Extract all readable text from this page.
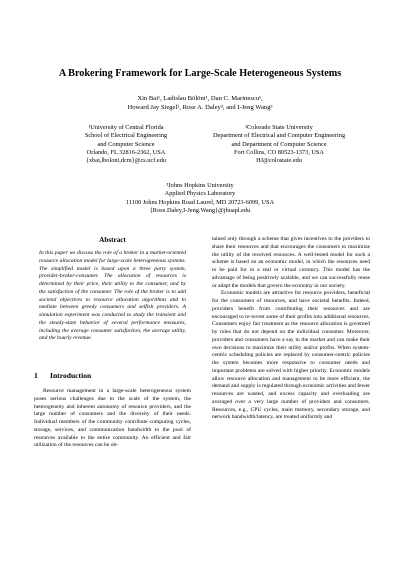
A Brokering Framework for Large-Scale Heterogeneous Systems
Xin Bai¹, Ladislau Bölöni¹, Dan C. Marinescu¹,
Howard Jay Siegel², Rose A. Daley³, and I-Jeng Wang³
¹University of Central Florida
School of Electrical Engineering
and Computer Science
Orlando, FL 32816-2362, USA
{xbai,lboloni,dcm}@cs.ucf.edu
²Colorado State University
Department of Electrical and Computer Engineering
and Department of Computer Science
Fort Collins, CO 80523-1373, USA
HJ@colostate.edu
³Johns Hopkins University
Applied Physics Laboratory
11100 Johns Hopkins Road Laurel, MD 20723-6099, USA
{Rose.Daley,I-Jeng.Wang}@jhuapl.edu
Abstract
In this paper we discuss the role of a broker in a market-oriented resource allocation model for large-scale heterogeneous systems. The simplified model is based upon a three party system, provider-broker-consumer. The allocation of resources is determined by their price, their utility to the consumer, and by the satisfaction of the consumer. The role of the broker is to add societal objectives to resource allocation algorithms and to mediate between greedy consumers and selfish providers. A simulation experiment was conducted to study the transient and the steady-state behavior of several performance measures, including the average consumer satisfaction, the average utility, and the hourly revenue.
1 Introduction

Resource management in a large-scale heterogeneous system poses serious challenges due to the scale of the system, the heterogeneity and inherent autonomy of resource providers, and the large number of consumers and the diversity of their needs. Individual members of the community contribute computing cycles, storage, services, and communication bandwidth to the pool of resources available to the entire community. An efficient and fair utilization of the resources can be ob-

tained only through a scheme that gives incentives to the providers to share their resources and that encourages the consumers to maximize the utility of the received resources. A well-tested model for such a scheme is based on an economic model, in which the resources need to be paid for in a real or virtual currency. This model has the advantage of being positively scalable, and we can successfully reuse or adapt the models that govern the economy in our society.

Economic models are attractive for resource providers, beneficial for the consumers of resources, and have societal benefits. Indeed, providers benefit from contributing their resources and are encouraged to re-invest some of their profits into additional resources. Consumers enjoy fair treatment as the resource allocation is governed by rules that do not depend on the individual consumer. Moreover, providers and consumers have a say in the market and can make their own decisions to maximize their utility and/or profits. When system-centric scheduling policies are replaced by consumer-centric policies the system becomes more responsive to consumer needs and important problems are solved with higher priority. Economic models allow resource allocation and management to be more efficient, the demand and supply is regulated through economic activities and fewer resources are wasted, and excess capacity and overloading are averaged over a very large number of providers and consumers. Resources, e.g., CPU cycles, main memory, secondary storage, and network bandwidth/latency, are treated uniformly and
